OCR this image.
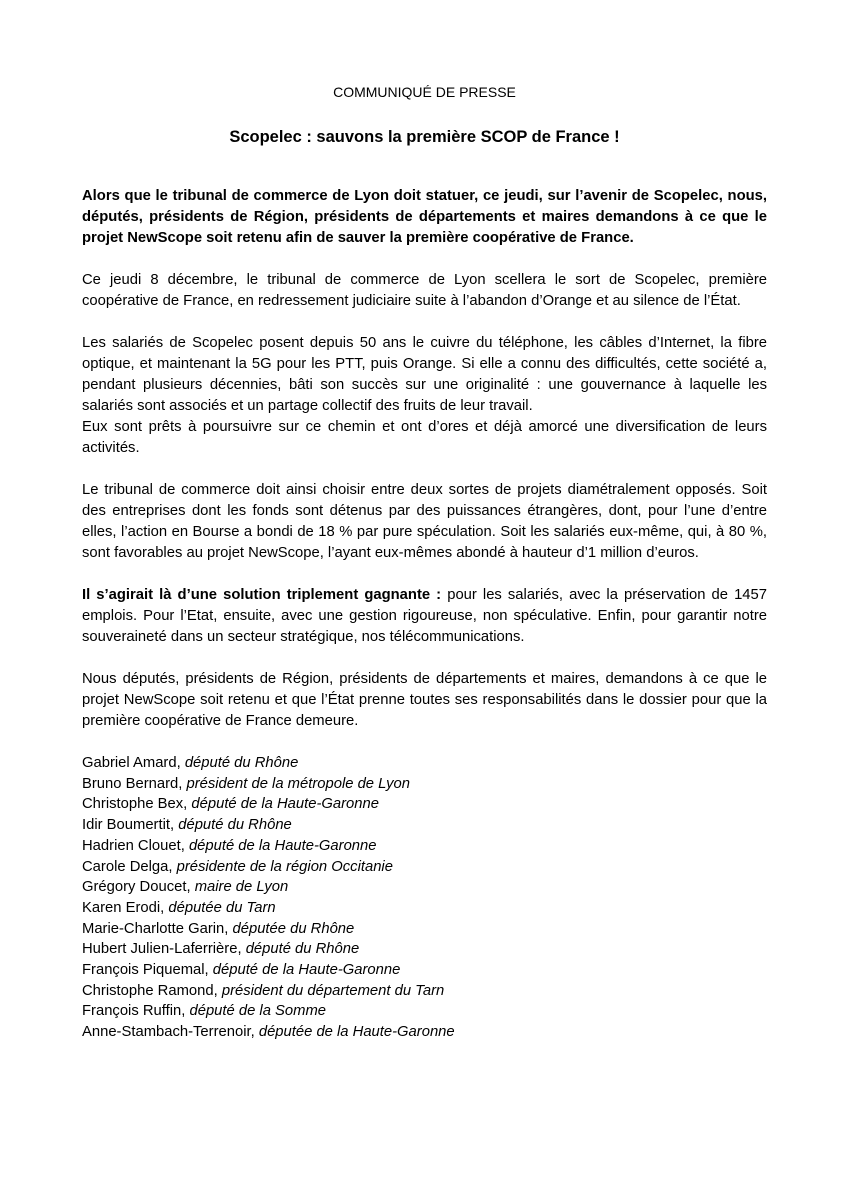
COMMUNIQUÉ DE PRESSE
Scopelec : sauvons la première SCOP de France !

Alors que le tribunal de commerce de Lyon doit statuer, ce jeudi, sur l’avenir de Scopelec, nous, députés, présidents de Région, présidents de départements et maires demandons à ce que le projet NewScope soit retenu afin de sauver la première coopérative de France.

Ce jeudi 8 décembre, le tribunal de commerce de Lyon scellera le sort de Scopelec, première coopérative de France, en redressement judiciaire suite à l’abandon d’Orange et au silence de l’État.

Les salariés de Scopelec posent depuis 50 ans le cuivre du téléphone, les câbles d’Internet, la fibre optique, et maintenant la 5G pour les PTT, puis Orange. Si elle a connu des difficultés, cette société a, pendant plusieurs décennies, bâti son succès sur une originalité : une gouvernance à laquelle les salariés sont associés et un partage collectif des fruits de leur travail.

Eux sont prêts à poursuivre sur ce chemin et ont d’ores et déjà amorcé une diversification de leurs activités.

Le tribunal de commerce doit ainsi choisir entre deux sortes de projets diamétralement opposés. Soit des entreprises dont les fonds sont détenus par des puissances étrangères, dont, pour l’une d’entre elles, l’action en Bourse a bondi de 18 % par pure spéculation. Soit les salariés eux-même, qui, à 80 %, sont favorables au projet NewScope, l’ayant eux-mêmes abondé à hauteur d’1 million d’euros.

Il s’agirait là d’une solution triplement gagnante : pour les salariés, avec la préservation de 1457 emplois. Pour l’Etat, ensuite, avec une gestion rigoureuse, non spéculative. Enfin, pour garantir notre souveraineté dans un secteur stratégique, nos télécommunications.

Nous députés, présidents de Région, présidents de départements et maires, demandons à ce que le projet NewScope soit retenu et que l’État prenne toutes ses responsabilités dans le dossier pour que la première coopérative de France demeure.

Gabriel Amard, député du Rhône
Bruno Bernard, président de la métropole de Lyon
Christophe Bex, député de la Haute-Garonne
Idir Boumertit, député du Rhône
Hadrien Clouet, député de la Haute-Garonne
Carole Delga, présidente de la région Occitanie
Grégory Doucet, maire de Lyon
Karen Erodi, députée du Tarn
Marie-Charlotte Garin, députée du Rhône
Hubert Julien-Laferrière, député du Rhône
François Piquemal, député de la Haute-Garonne
Christophe Ramond, président du département du Tarn
François Ruffin, député de la Somme
Anne-Stambach-Terrenoir, députée de la Haute-Garonne
